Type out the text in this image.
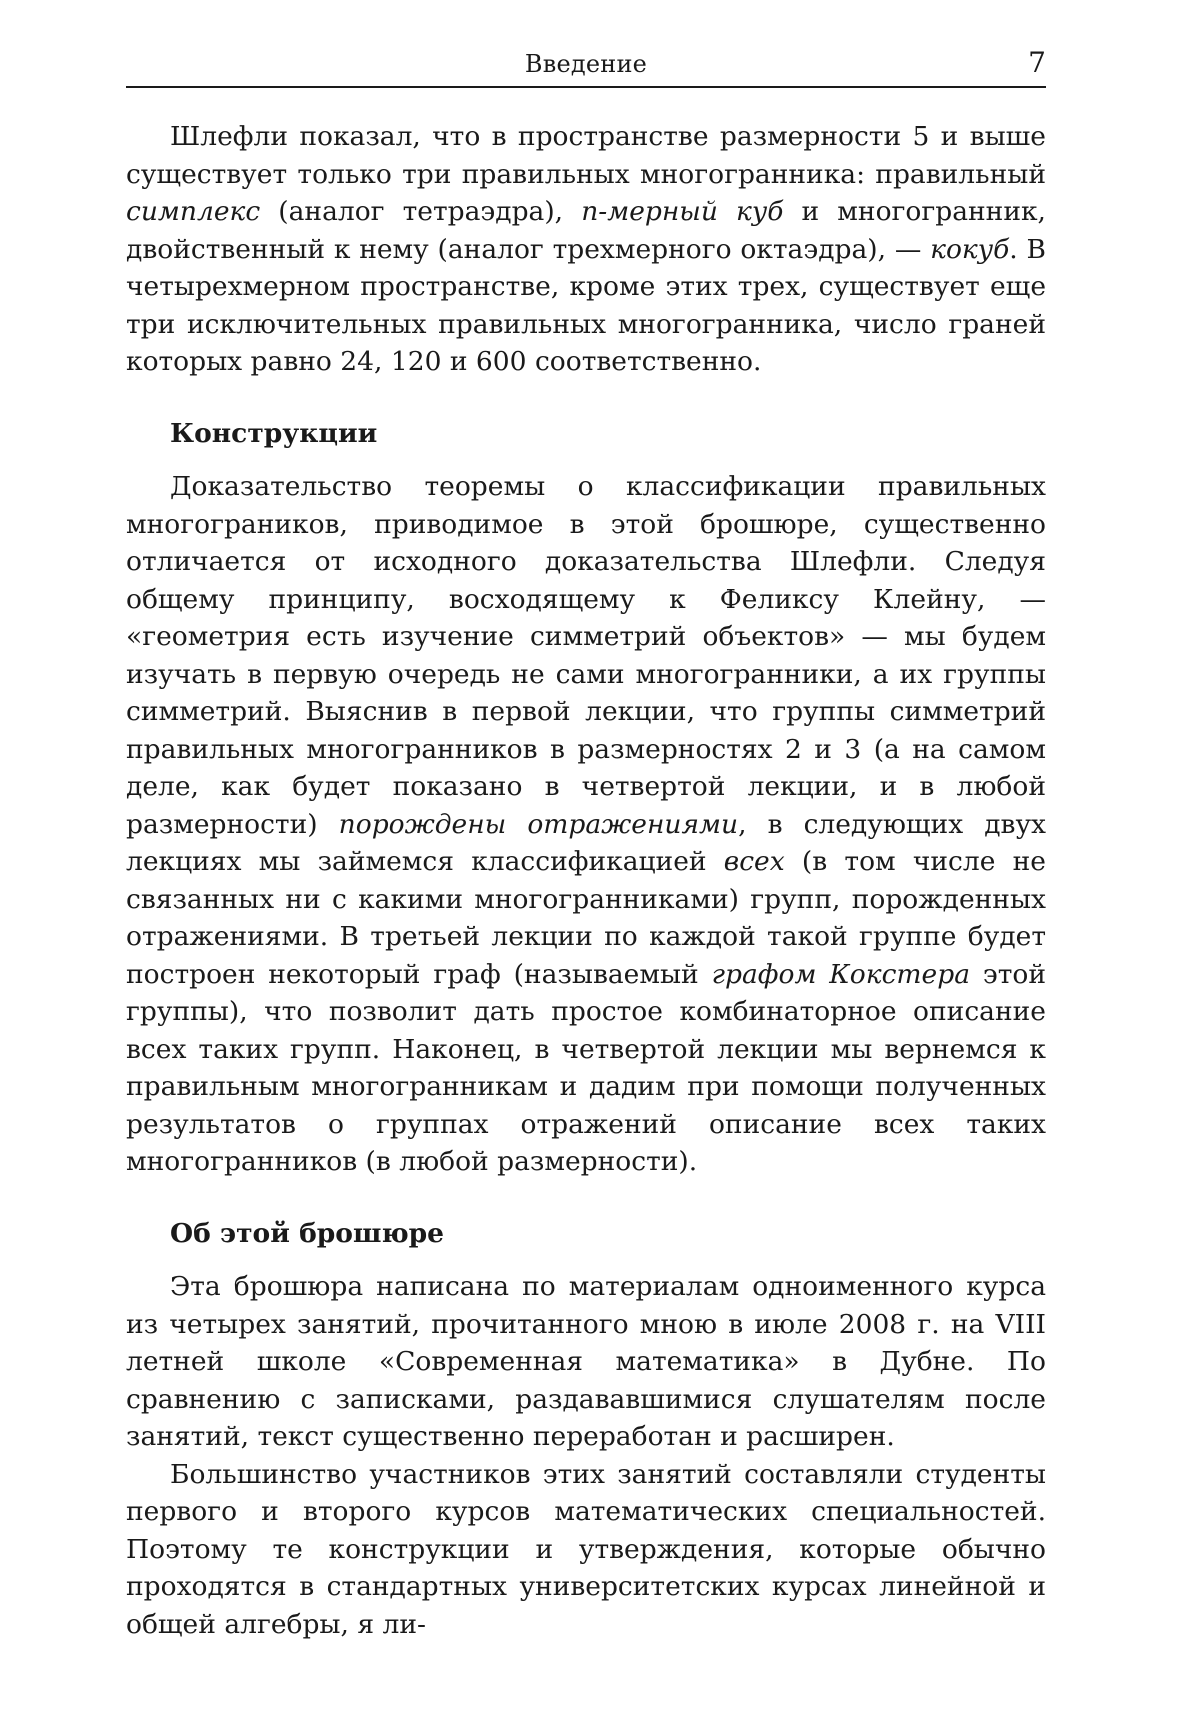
Введение	7

Шлефли показал, что в пространстве размерности 5 и выше существует только три правильных многогранника: правильный симплекс (аналог тетраэдра), n-мерный куб и многогранник, двойственный к нему (аналог трехмерного октаэдра), — кокуб. В четырехмерном пространстве, кроме этих трех, существует еще три исключительных правильных многогранника, число граней которых равно 24, 120 и 600 соответственно.

Конструкции

Доказательство теоремы о классификации правильных многограников, приводимое в этой брошюре, существенно отличается от исходного доказательства Шлефли. Следуя общему принципу, восходящему к Феликсу Клейну, — «геометрия есть изучение симметрий объектов» — мы будем изучать в первую очередь не сами многогранники, а их группы симметрий. Выяснив в первой лекции, что группы симметрий правильных многогранников в размерностях 2 и 3 (а на самом деле, как будет показано в четвертой лекции, и в любой размерности) порождены отражениями, в следующих двух лекциях мы займемся классификацией всех (в том числе не связанных ни с какими многогранниками) групп, порожденных отражениями. В третьей лекции по каждой такой группе будет построен некоторый граф (называемый графом Кокстера этой группы), что позволит дать простое комбинаторное описание всех таких групп. Наконец, в четвертой лекции мы вернемся к правильным многогранникам и дадим при помощи полученных результатов о группах отражений описание всех таких многогранников (в любой размерности).

Об этой брошюре

Эта брошюра написана по материалам одноименного курса из четырех занятий, прочитанного мною в июле 2008 г. на VIII летней школе «Современная математика» в Дубне. По сравнению с записками, раздававшимися слушателям после занятий, текст существенно переработан и расширен.

Большинство участников этих занятий составляли студенты первого и второго курсов математических специальностей. Поэтому те конструкции и утверждения, которые обычно проходятся в стандартных университетских курсах линейной и общей алгебры, я ли-
